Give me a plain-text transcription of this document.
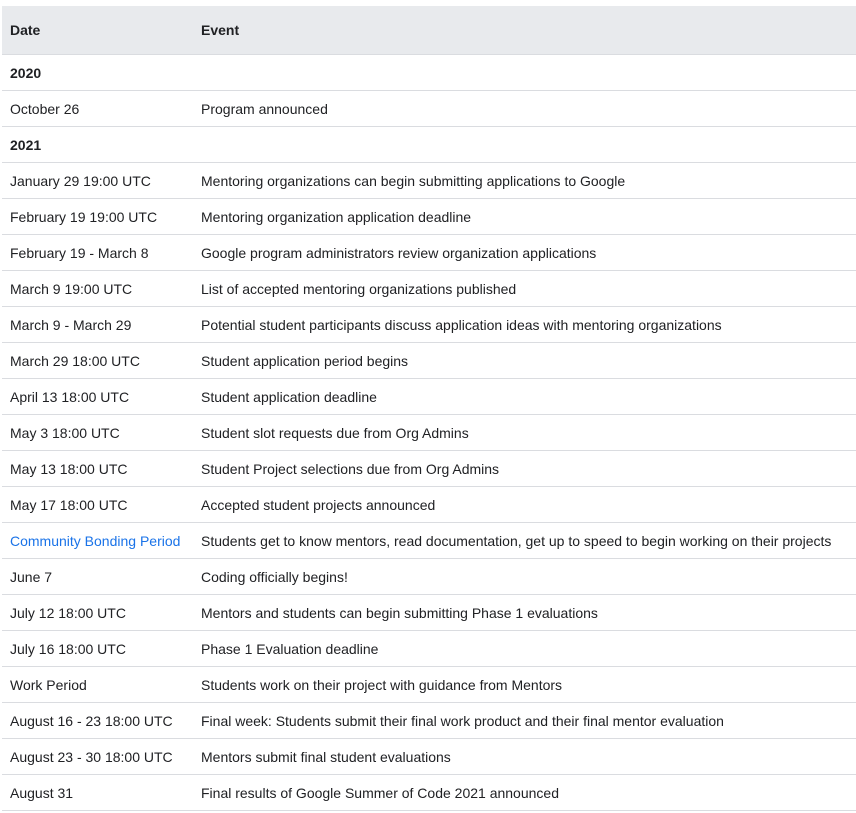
Date	Event
2020	
October 26	Program announced
2021	
January 29 19:00 UTC	Mentoring organizations can begin submitting applications to Google
February 19 19:00 UTC	Mentoring organization application deadline
February 19 - March 8	Google program administrators review organization applications
March 9 19:00 UTC	List of accepted mentoring organizations published
March 9 - March 29	Potential student participants discuss application ideas with mentoring organizations
March 29 18:00 UTC	Student application period begins
April 13 18:00 UTC	Student application deadline
May 3 18:00 UTC	Student slot requests due from Org Admins
May 13 18:00 UTC	Student Project selections due from Org Admins
May 17 18:00 UTC	Accepted student projects announced
Community Bonding Period	Students get to know mentors, read documentation, get up to speed to begin working on their projects
June 7	Coding officially begins!
July 12 18:00 UTC	Mentors and students can begin submitting Phase 1 evaluations
July 16 18:00 UTC	Phase 1 Evaluation deadline
Work Period	Students work on their project with guidance from Mentors
August 16 - 23 18:00 UTC	Final week: Students submit their final work product and their final mentor evaluation
August 23 - 30 18:00 UTC	Mentors submit final student evaluations
August 31	Final results of Google Summer of Code 2021 announced
